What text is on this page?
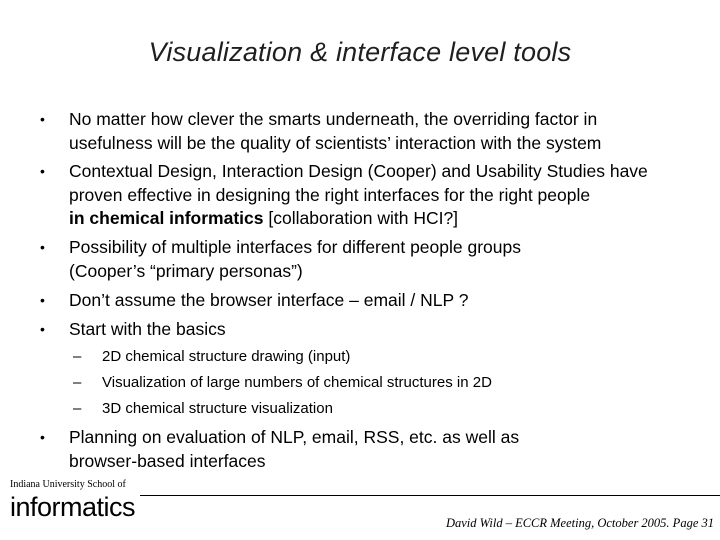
Visualization & interface level tools
• No matter how clever the smarts underneath, the overriding factor in
usefulness will be the quality of scientists’ interaction with the system
• Contextual Design, Interaction Design (Cooper) and Usability Studies have
proven effective in designing the right interfaces for the right people
in chemical informatics [collaboration with HCI?]
• Possibility of multiple interfaces for different people groups
(Cooper’s “primary personas”)
• Don’t assume the browser interface – email / NLP ?
• Start with the basics
– 2D chemical structure drawing (input)
– Visualization of large numbers of chemical structures in 2D
– 3D chemical structure visualization
• Planning on evaluation of NLP, email, RSS, etc. as well as
browser-based interfaces
Indiana University School of
informatics
David Wild – ECCR Meeting, October 2005. Page 31
